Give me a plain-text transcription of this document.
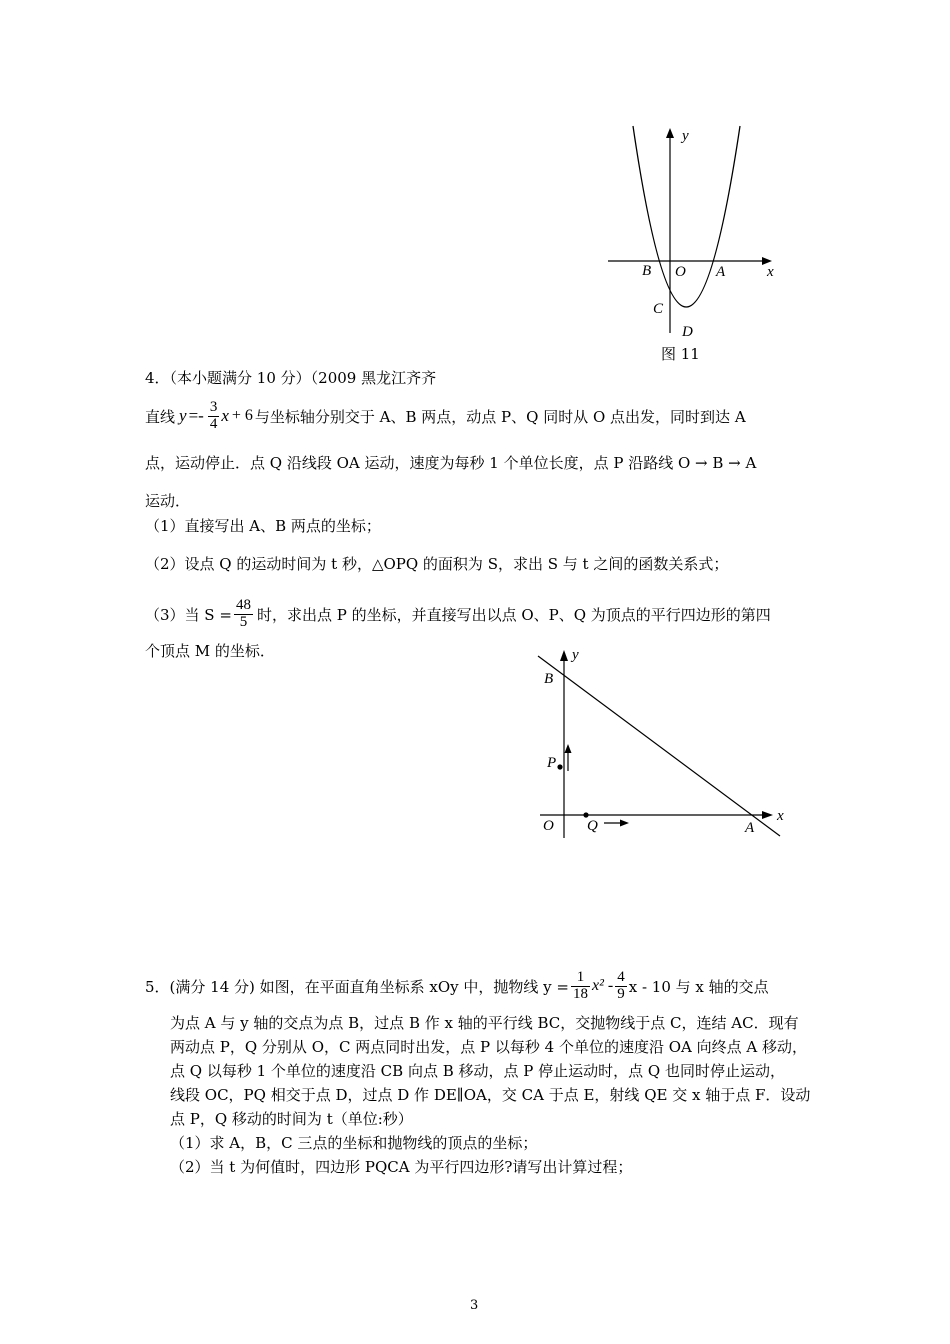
y
x
B O A
C
D
图 11
4．（本小题满分 10 分）（2009 黑龙江齐齐
直线 $y =- \frac{3}{4}$ x + 6 与坐标轴分别交于 A、B 两点，动点 P、Q 同时从 O 点出发，同时到达 A
点，运动停止．点 Q 沿线段 OA 运动，速度为每秒 1 个单位长度，点 P 沿路线 O → B → A
运动．
（1）直接写出 A、B 两点的坐标；
（2）设点 Q 的运动时间为 t 秒，△OPQ 的面积为 S，求出 S 与 t 之间的函数关系式；
（3）当 $S = \frac{48}{5}$ 时，求出点 P 的坐标，并直接写出以点 O、P、Q 为顶点的平行四边形的第四
个顶点 M 的坐标．	y
B
P
O Q	A
x
5．(满分 14 分) 如图，在平面直角坐标系 xOy 中，抛物线 $y = \frac{1}{18} x^2 - \frac{4}{9}$ x - 10 与 x 轴的交点
为点 A 与 y 轴的交点为点 B，过点 B 作 x 轴的平行线 BC，交抛物线于点 C，连结 AC．现有
两动点 P，Q 分别从 O，C 两点同时出发，点 P 以每秒 4 个单位的速度沿 OA 向终点 A 移动，
点 Q 以每秒 1 个单位的速度沿 CB 向点 B 移动，点 P 停止运动时，点 Q 也同时停止运动，
线段 OC，PQ 相交于点 D，过点 D 作 DE∥OA，交 CA 于点 E，射线 QE 交 x 轴于点 F．设动
点 P，Q 移动的时间为 t（单位:秒）
（1）求 A，B，C 三点的坐标和抛物线的顶点的坐标；
（2）当 t 为何值时，四边形 PQCA 为平行四边形?请写出计算过程；
3
